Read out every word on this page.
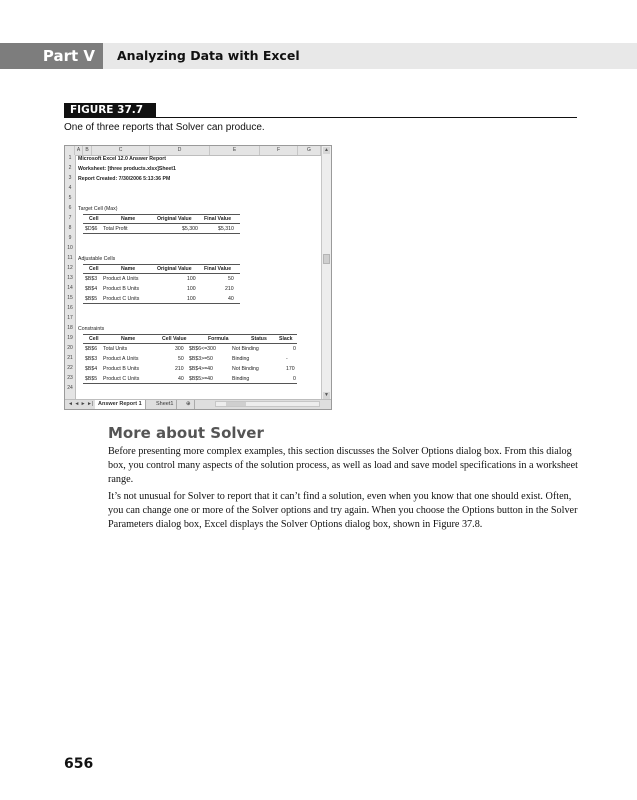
Part V	Analyzing Data with Excel
FIGURE 37.7
One of three reports that Solver can produce.
A	B	C	D	E	F	G
1
2
3
4
5
6
7
8
9
10
11
12
13
14
15
16
17
18
19
20
21
22
23
24
Microsoft Excel 12.0 Answer Report
Worksheet: [three products.xlsx]Sheet1
Report Created: 7/30/2006 5:13:36 PM
Target Cell (Max)
Cell	Name	Original Value Final Value
$D$6 Total Profit	$5,300	$5,310
Adjustable Cells
Cell	Name	Original Value Final Value
$B$3 Product A Units	100	50
$B$4 Product B Units	100	210
$B$5 Product C Units	100	40
Constraints
Cell	Name	Cell Value	Formula	Status Slack
$B$6 Total Units	300 $B$6<=300	Not Binding	0
$B$3 Product A Units	50 $B$3>=50	Binding	-
$B$4 Product B Units	210 $B$4>=40	Not Binding	170
$B$5 Product C Units	40 $B$5>=40	Binding	0
▲
▼
◄ ◄ ► ►| Answer Report 1	Sheet1	⊕
More about Solver
Before presenting more complex examples, this section discusses the Solver Options dialog box. From this dialog box, you control many aspects of the solution process, as well as load and save model specifications in a worksheet range.
It’s not unusual for Solver to report that it can’t find a solution, even when you know that one should exist. Often, you can change one or more of the Solver options and try again. When you choose the Options button in the Solver Parameters dialog box, Excel displays the Solver Options dialog box, shown in Figure 37.8.
656
